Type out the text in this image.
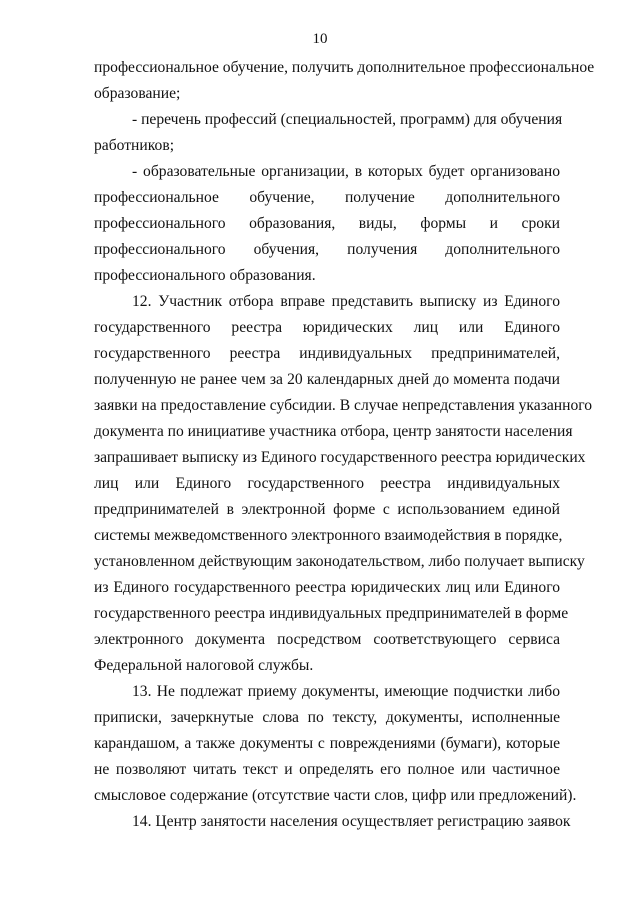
10
профессиональное обучение, получить дополнительное профессиональное
образование;
- перечень профессий (специальностей, программ) для обучения
работников;
- образовательные организации, в которых будет организовано
профессиональное обучение, получение дополнительного
профессионального образования, виды, формы и сроки
профессионального обучения, получения дополнительного
профессионального образования.
12. Участник отбора вправе представить выписку из Единого
государственного реестра юридических лиц или Единого
государственного реестра индивидуальных предпринимателей,
полученную не ранее чем за 20 календарных дней до момента подачи
заявки на предоставление субсидии. В случае непредставления указанного
документа по инициативе участника отбора, центр занятости населения
запрашивает выписку из Единого государственного реестра юридических
лиц или Единого государственного реестра индивидуальных
предпринимателей в электронной форме с использованием единой
системы межведомственного электронного взаимодействия в порядке,
установленном действующим законодательством, либо получает выписку
из Единого государственного реестра юридических лиц или Единого
государственного реестра индивидуальных предпринимателей в форме
электронного документа посредством соответствующего сервиса
Федеральной налоговой службы.
13. Не подлежат приему документы, имеющие подчистки либо
приписки, зачеркнутые слова по тексту, документы, исполненные
карандашом, а также документы с повреждениями (бумаги), которые
не позволяют читать текст и определять его полное или частичное
смысловое содержание (отсутствие части слов, цифр или предложений).
14. Центр занятости населения осуществляет регистрацию заявок
